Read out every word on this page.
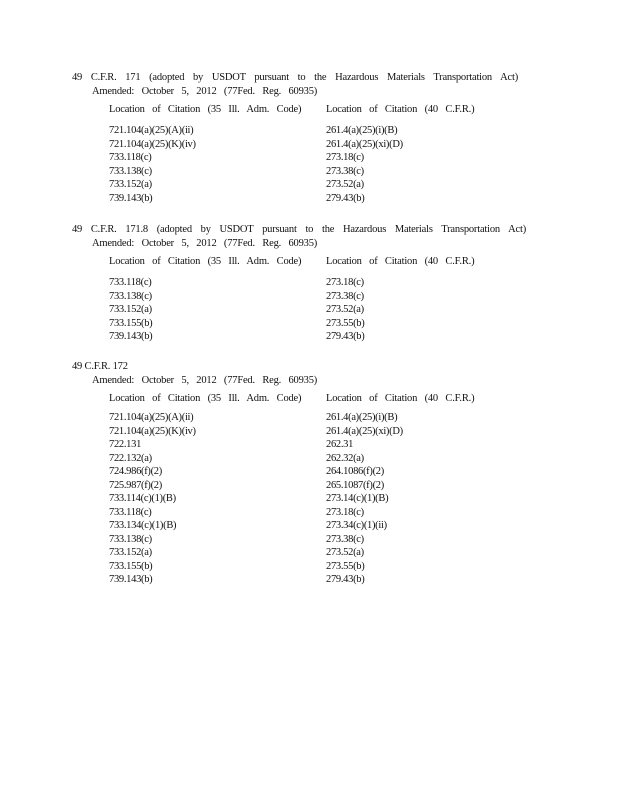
49 C.F.R. 171 (adopted by USDOT pursuant to the Hazardous Materials Transportation Act)
Amended: October 5, 2012 (77Fed. Reg. 60935)
Location of Citation (35 Ill. Adm. Code) Location of Citation (40 C.F.R.)
721.104(a)(25)(A)(ii)
721.104(a)(25)(K)(iv)
733.118(c)
733.138(c)
733.152(a)
739.143(b)
261.4(a)(25)(i)(B)
261.4(a)(25)(xi)(D)
273.18(c)
273.38(c)
273.52(a)
279.43(b)
49 C.F.R. 171.8 (adopted by USDOT pursuant to the Hazardous Materials Transportation Act)
Amended: October 5, 2012 (77Fed. Reg. 60935)
Location of Citation (35 Ill. Adm. Code) Location of Citation (40 C.F.R.)
733.118(c)
733.138(c)
733.152(a)
733.155(b)
739.143(b)
273.18(c)
273.38(c)
273.52(a)
273.55(b)
279.43(b)
49 C.F.R. 172
Amended: October 5, 2012 (77Fed. Reg. 60935)
Location of Citation (35 Ill. Adm. Code) Location of Citation (40 C.F.R.)
721.104(a)(25)(A)(ii)
721.104(a)(25)(K)(iv)
722.131
722.132(a)
724.986(f)(2)
725.987(f)(2)
733.114(c)(1)(B)
733.118(c)
733.134(c)(1)(B)
733.138(c)
733.152(a)
733.155(b)
739.143(b)
261.4(a)(25)(i)(B)
261.4(a)(25)(xi)(D)
262.31
262.32(a)
264.1086(f)(2)
265.1087(f)(2)
273.14(c)(1)(B)
273.18(c)
273.34(c)(1)(ii)
273.38(c)
273.52(a)
273.55(b)
279.43(b)
